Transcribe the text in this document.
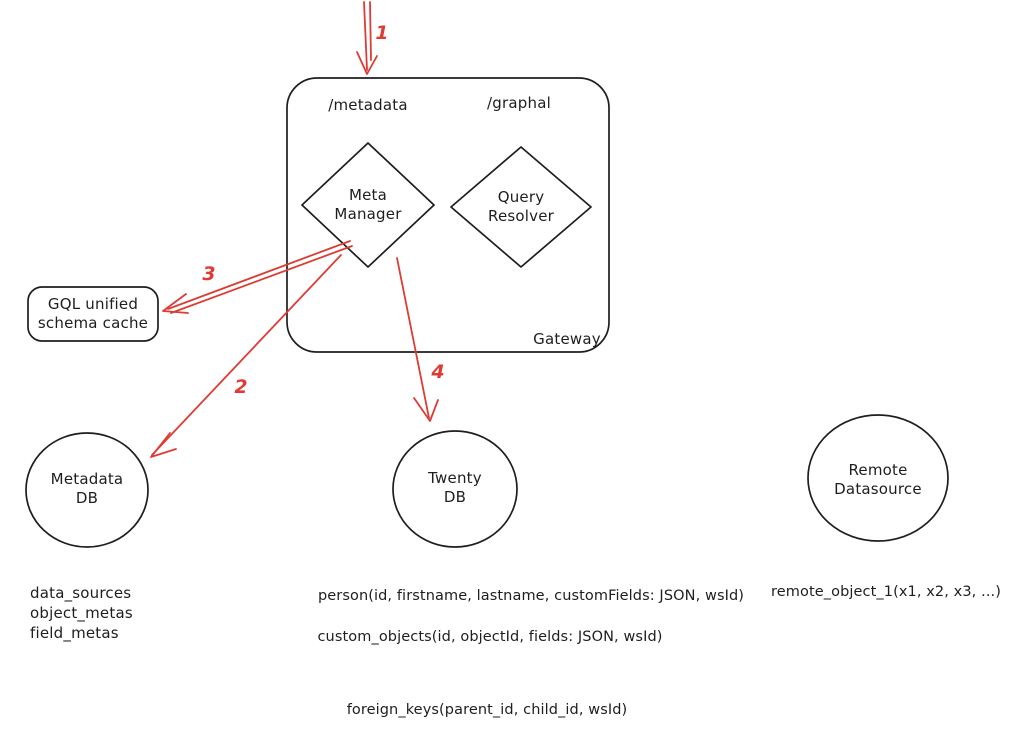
/metadata	/graphal
Gateway
Meta
Manager
Query
Resolver
GQL unified
schema cache
Metadata
DB
Twenty
DB
Remote
Datasource
1
2
3
4
data_sources
object_metas
field_metas
person(id, firstname, lastname, customFields: JSON, wsId)
custom_objects(id, objectId, fields: JSON, wsId)
foreign_keys(parent_id, child_id, wsId)
remote_object_1(x1, x2, x3, ...)
